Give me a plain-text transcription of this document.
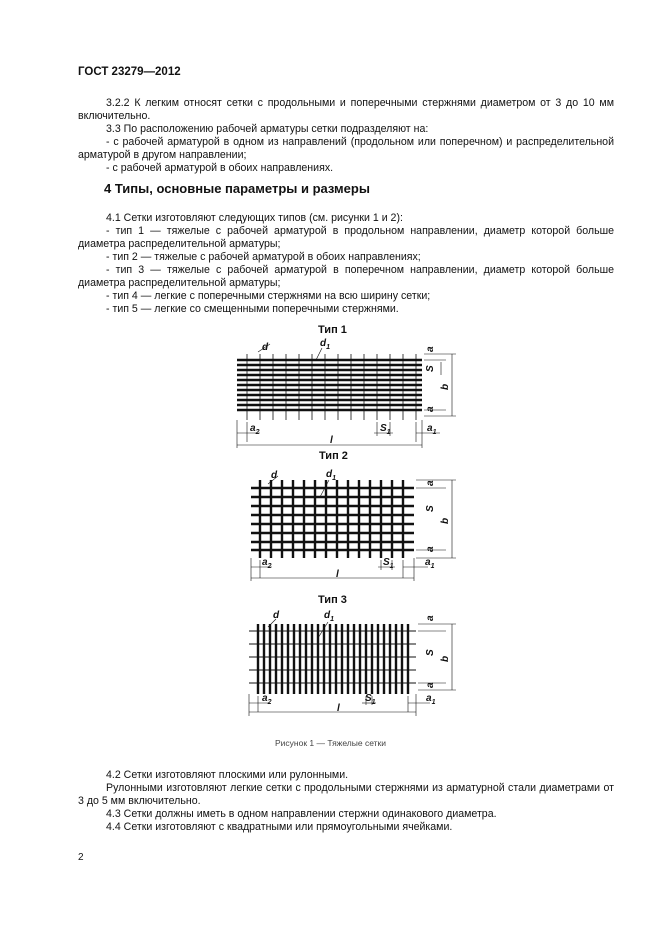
ГОСТ 23279—2012
3.2.2 К легким относят сетки с продольными и поперечными стержнями диаметром от 3 до 10 мм включительно.
3.3 По расположению рабочей арматуры сетки подразделяют на:
- с рабочей арматурой в одном из направлений (продольном или поперечном) и распределительной арматурой в другом направлении;
- с рабочей арматурой в обоих направлениях.
4 Типы, основные параметры и размеры
4.1 Сетки изготовляют следующих типов (см. рисунки 1 и 2):
- тип 1 — тяжелые с рабочей арматурой в продольном направлении, диаметр которой больше диаметра распределительной арматуры;
- тип 2 — тяжелые с рабочей арматурой в обоих направлениях;
- тип 3 — тяжелые с рабочей арматурой в поперечном направлении, диаметр которой больше диаметра распределительной арматуры;
- тип 4 — легкие с поперечными стержнями на всю ширину сетки;
- тип 5 — легкие со смещенными поперечными стержнями.
Тип 1
d	$d_1$
$a_2$	$S_1$	$a_1$
l
a
S
b
a
Тип 2
d	$d_1$
$a_2$	$S_1$	$a_1$
l
a
S
b
a
Тип 3
d	$d_1$
$a_2$	$S_1$	$a_1$
l
a
S
b
a
Рисунок 1 — Тяжелые сетки
4.2 Сетки изготовляют плоскими или рулонными.
Рулонными изготовляют легкие сетки с продольными стержнями из арматурной стали диаметрами от 3 до 5 мм включительно.
4.3 Сетки должны иметь в одном направлении стержни одинакового диаметра.
4.4 Сетки изготовляют с квадратными или прямоугольными ячейками.
2
